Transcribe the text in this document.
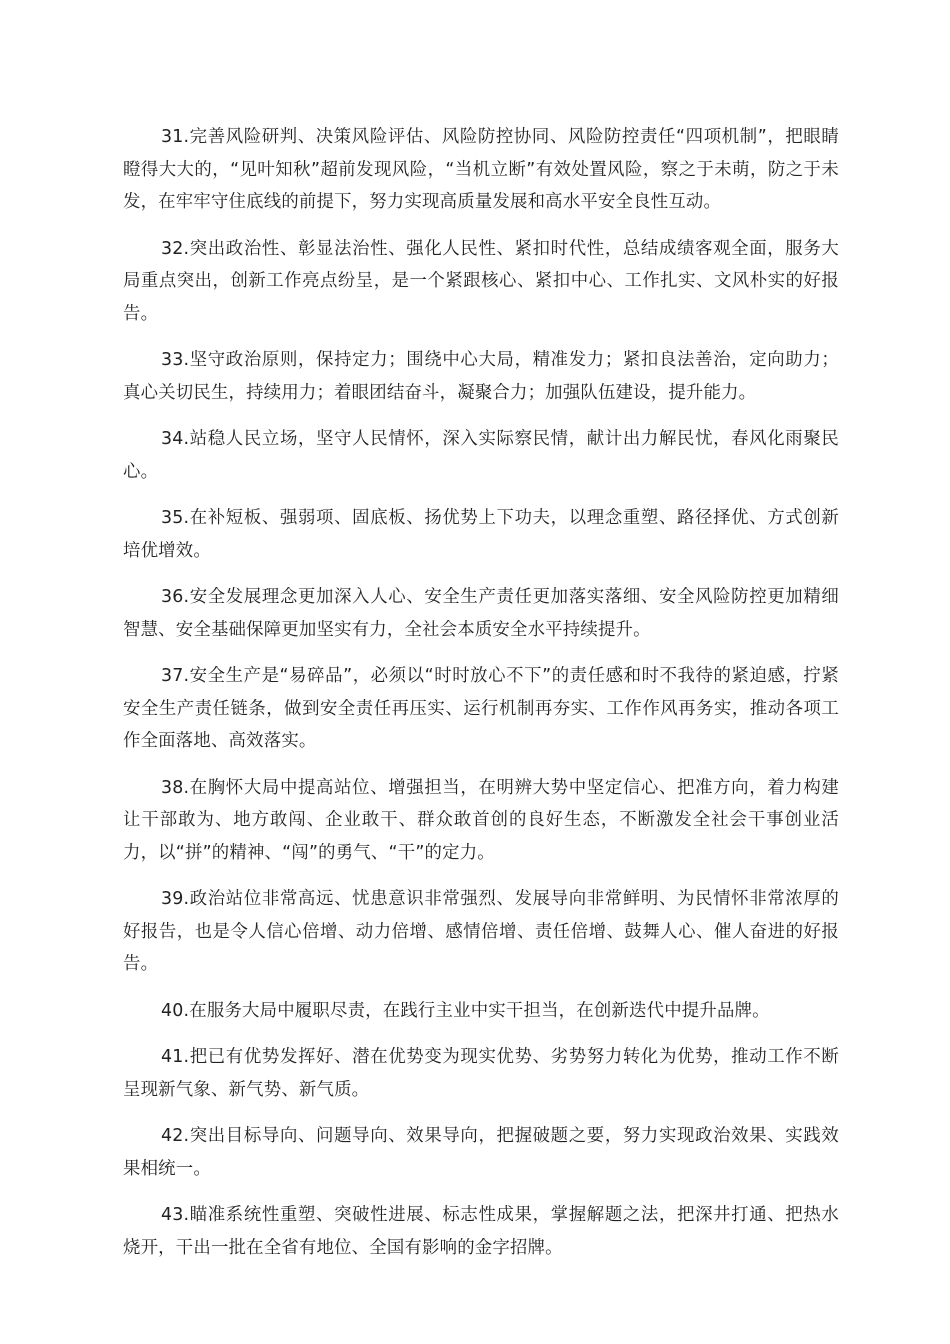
31.完善风险研判、决策风险评估、风险防控协同、风险防控责任“四项机制”，把眼睛瞪得大大的，“见叶知秋”超前发现风险，“当机立断”有效处置风险，察之于未萌，防之于未发，在牢牢守住底线的前提下，努力实现高质量发展和高水平安全良性互动。

32.突出政治性、彰显法治性、强化人民性、紧扣时代性，总结成绩客观全面，服务大局重点突出，创新工作亮点纷呈，是一个紧跟核心、紧扣中心、工作扎实、文风朴实的好报告。

33.坚守政治原则，保持定力；围绕中心大局，精准发力；紧扣良法善治，定向助力；真心关切民生，持续用力；着眼团结奋斗，凝聚合力；加强队伍建设，提升能力。

34.站稳人民立场，坚守人民情怀，深入实际察民情，献计出力解民忧，春风化雨聚民心。

35.在补短板、强弱项、固底板、扬优势上下功夫，以理念重塑、路径择优、方式创新培优增效。

36.安全发展理念更加深入人心、安全生产责任更加落实落细、安全风险防控更加精细智慧、安全基础保障更加坚实有力，全社会本质安全水平持续提升。

37.安全生产是“易碎品”，必须以“时时放心不下”的责任感和时不我待的紧迫感，拧紧安全生产责任链条，做到安全责任再压实、运行机制再夯实、工作作风再务实，推动各项工作全面落地、高效落实。

38.在胸怀大局中提高站位、增强担当，在明辨大势中坚定信心、把准方向，着力构建让干部敢为、地方敢闯、企业敢干、群众敢首创的良好生态，不断激发全社会干事创业活力，以“拼”的精神、“闯”的勇气、“干”的定力。

39.政治站位非常高远、忧患意识非常强烈、发展导向非常鲜明、为民情怀非常浓厚的好报告，也是令人信心倍增、动力倍增、感情倍增、责任倍增、鼓舞人心、催人奋进的好报告。

40.在服务大局中履职尽责，在践行主业中实干担当，在创新迭代中提升品牌。

41.把已有优势发挥好、潜在优势变为现实优势、劣势努力转化为优势，推动工作不断呈现新气象、新气势、新气质。

42.突出目标导向、问题导向、效果导向，把握破题之要，努力实现政治效果、实践效果相统一。

43.瞄准系统性重塑、突破性进展、标志性成果，掌握解题之法，把深井打通、把热水烧开，干出一批在全省有地位、全国有影响的金字招牌。
